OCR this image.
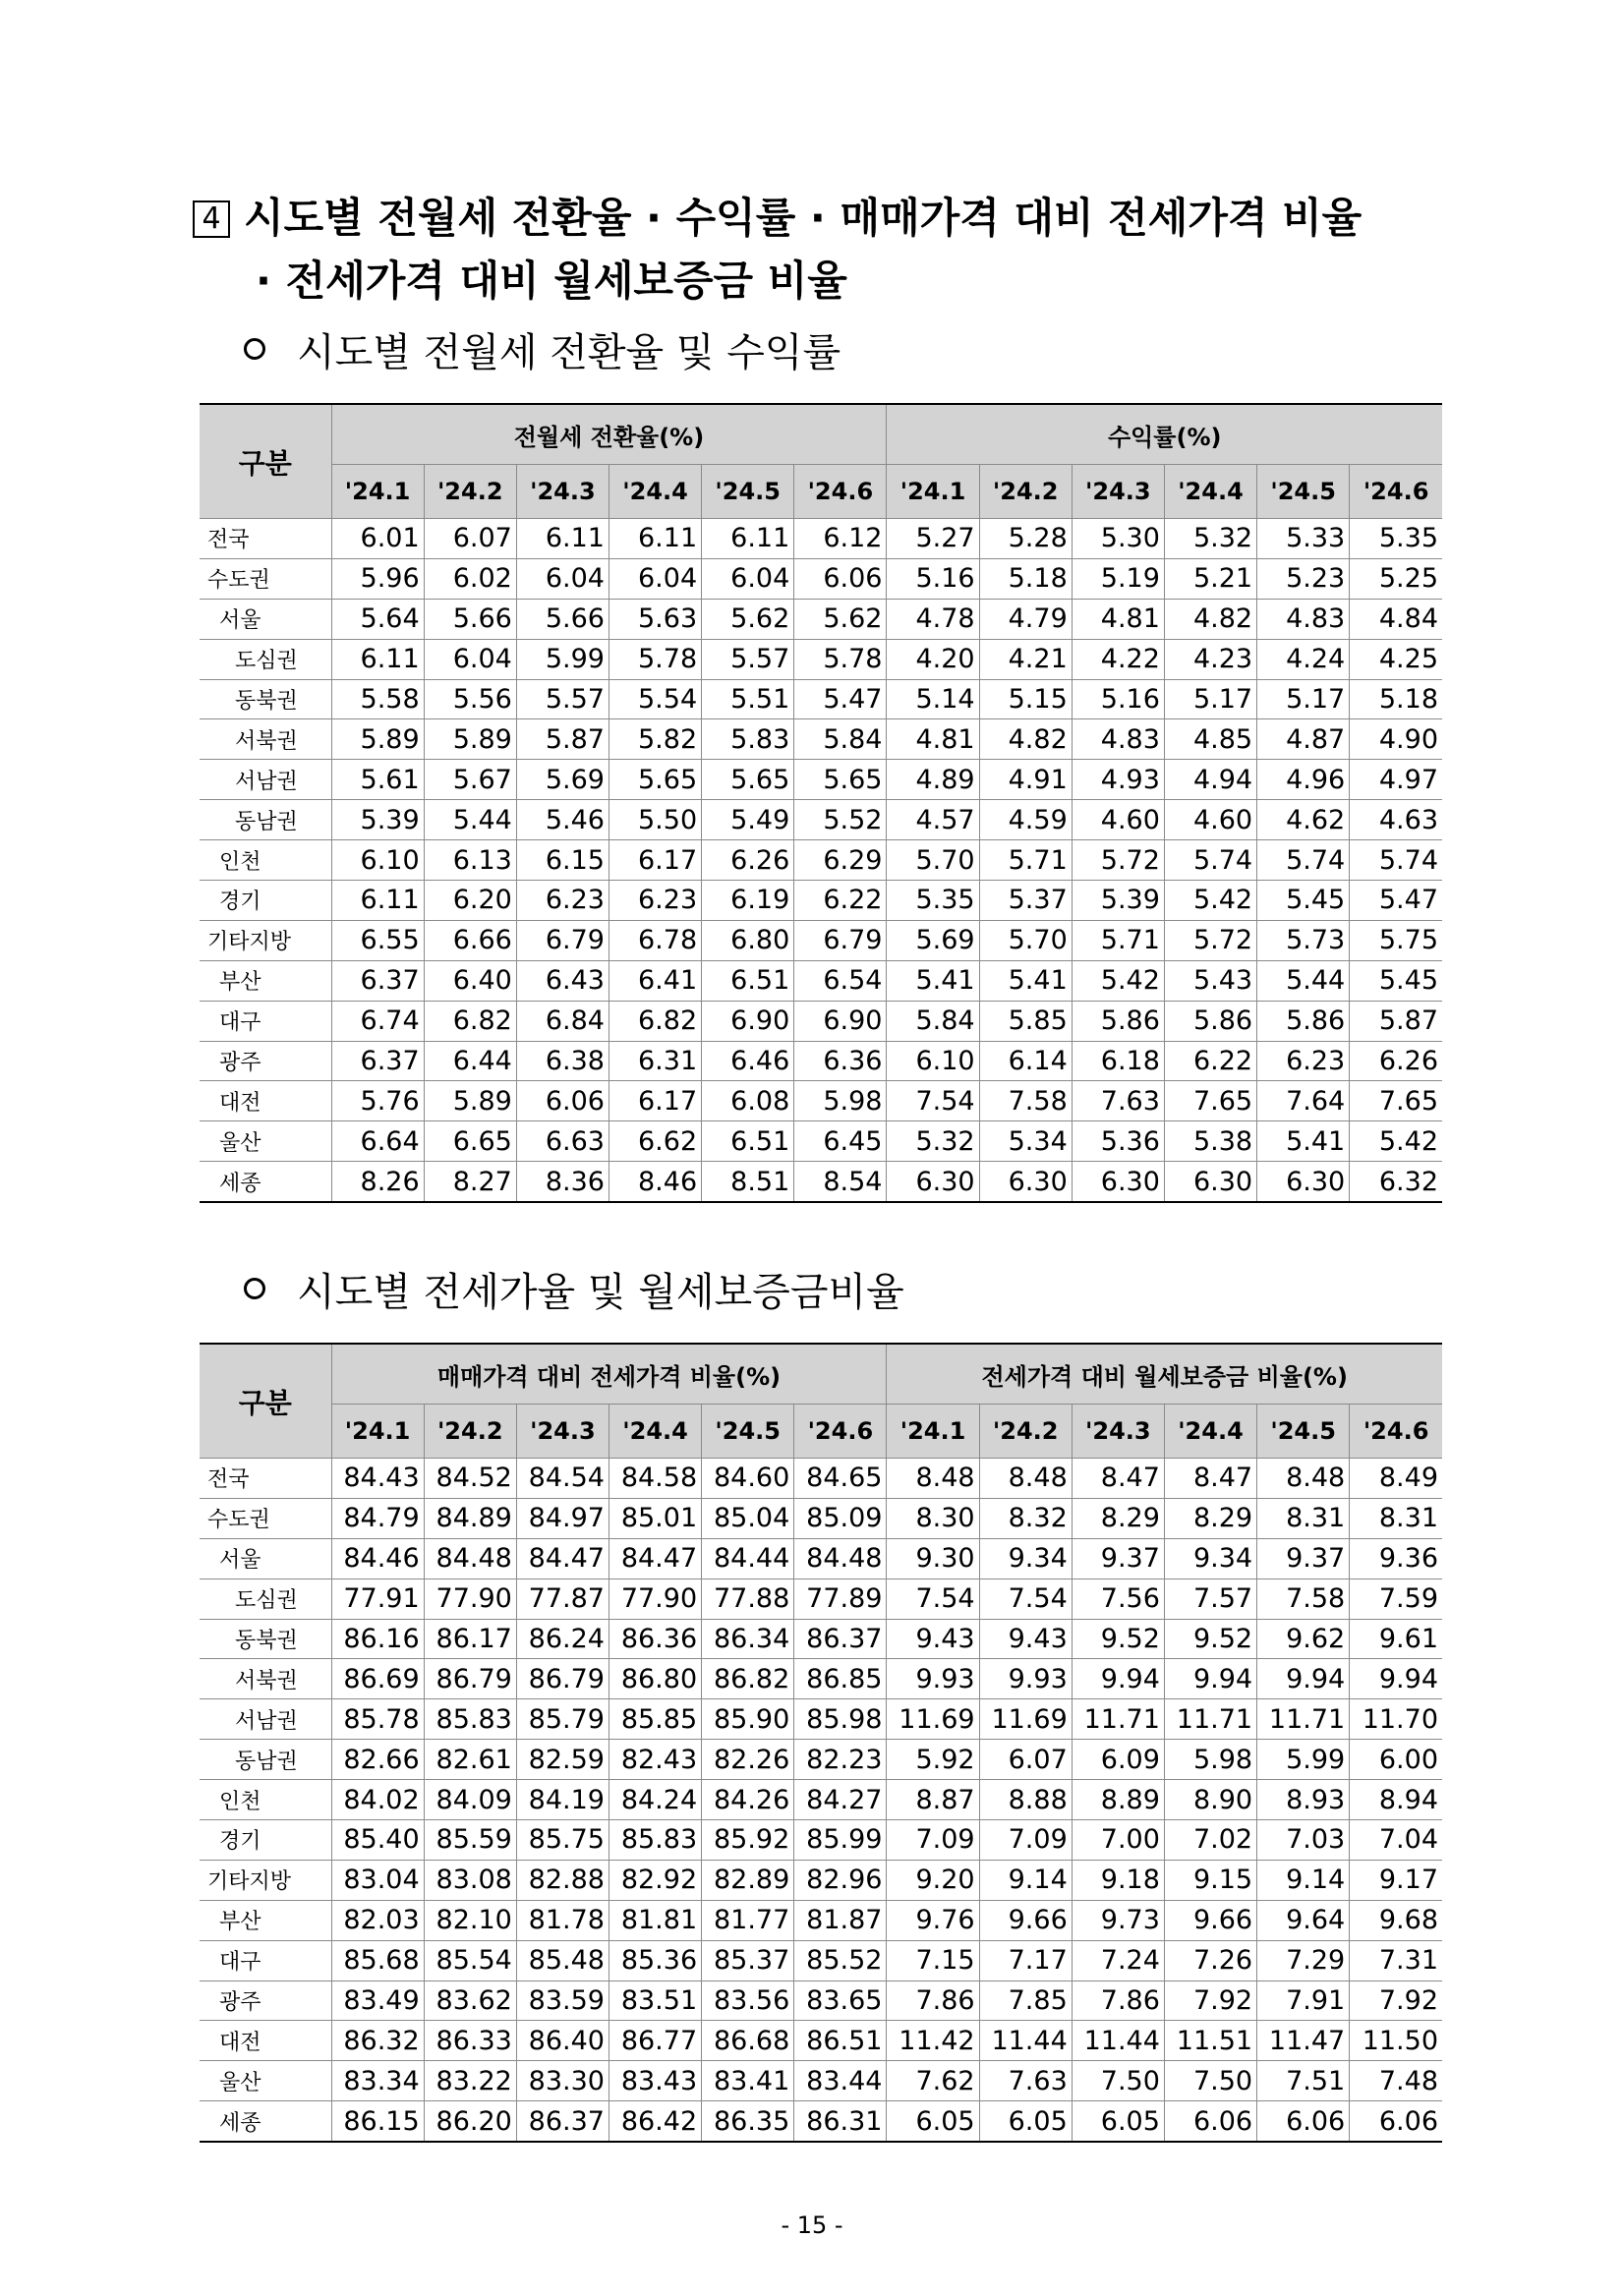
4 시도별 전월세 전환율 · 수익률 · 매매가격 대비 전세가격 비율
· 전세가격 대비 월세보증금 비율
시도별 전월세 전환율 및 수익률
구분	전월세 전환율(%)						수익률(%)					
	'24.1	'24.2	'24.3	'24.4	'24.5	'24.6	'24.1	'24.2	'24.3	'24.4	'24.5	'24.6
전국	6.01	6.07	6.11	6.11	6.11	6.12	5.27	5.28	5.30	5.32	5.33	5.35
수도권	5.96	6.02	6.04	6.04	6.04	6.06	5.16	5.18	5.19	5.21	5.23	5.25
서울	5.64	5.66	5.66	5.63	5.62	5.62	4.78	4.79	4.81	4.82	4.83	4.84
도심권	6.11	6.04	5.99	5.78	5.57	5.78	4.20	4.21	4.22	4.23	4.24	4.25
동북권	5.58	5.56	5.57	5.54	5.51	5.47	5.14	5.15	5.16	5.17	5.17	5.18
서북권	5.89	5.89	5.87	5.82	5.83	5.84	4.81	4.82	4.83	4.85	4.87	4.90
서남권	5.61	5.67	5.69	5.65	5.65	5.65	4.89	4.91	4.93	4.94	4.96	4.97
동남권	5.39	5.44	5.46	5.50	5.49	5.52	4.57	4.59	4.60	4.60	4.62	4.63
인천	6.10	6.13	6.15	6.17	6.26	6.29	5.70	5.71	5.72	5.74	5.74	5.74
경기	6.11	6.20	6.23	6.23	6.19	6.22	5.35	5.37	5.39	5.42	5.45	5.47
기타지방	6.55	6.66	6.79	6.78	6.80	6.79	5.69	5.70	5.71	5.72	5.73	5.75
부산	6.37	6.40	6.43	6.41	6.51	6.54	5.41	5.41	5.42	5.43	5.44	5.45
대구	6.74	6.82	6.84	6.82	6.90	6.90	5.84	5.85	5.86	5.86	5.86	5.87
광주	6.37	6.44	6.38	6.31	6.46	6.36	6.10	6.14	6.18	6.22	6.23	6.26
대전	5.76	5.89	6.06	6.17	6.08	5.98	7.54	7.58	7.63	7.65	7.64	7.65
울산	6.64	6.65	6.63	6.62	6.51	6.45	5.32	5.34	5.36	5.38	5.41	5.42
세종	8.26	8.27	8.36	8.46	8.51	8.54	6.30	6.30	6.30	6.30	6.30	6.32
시도별 전세가율 및 월세보증금비율
구분	매매가격 대비 전세가격 비율(%)						전세가격 대비 월세보증금 비율(%)					
	'24.1	'24.2	'24.3	'24.4	'24.5	'24.6	'24.1	'24.2	'24.3	'24.4	'24.5	'24.6
전국	84.43	84.52	84.54	84.58	84.60	84.65	8.48	8.48	8.47	8.47	8.48	8.49
수도권	84.79	84.89	84.97	85.01	85.04	85.09	8.30	8.32	8.29	8.29	8.31	8.31
서울	84.46	84.48	84.47	84.47	84.44	84.48	9.30	9.34	9.37	9.34	9.37	9.36
도심권	77.91	77.90	77.87	77.90	77.88	77.89	7.54	7.54	7.56	7.57	7.58	7.59
동북권	86.16	86.17	86.24	86.36	86.34	86.37	9.43	9.43	9.52	9.52	9.62	9.61
서북권	86.69	86.79	86.79	86.80	86.82	86.85	9.93	9.93	9.94	9.94	9.94	9.94
서남권	85.78	85.83	85.79	85.85	85.90	85.98	11.69	11.69	11.71	11.71	11.71	11.70
동남권	82.66	82.61	82.59	82.43	82.26	82.23	5.92	6.07	6.09	5.98	5.99	6.00
인천	84.02	84.09	84.19	84.24	84.26	84.27	8.87	8.88	8.89	8.90	8.93	8.94
경기	85.40	85.59	85.75	85.83	85.92	85.99	7.09	7.09	7.00	7.02	7.03	7.04
기타지방	83.04	83.08	82.88	82.92	82.89	82.96	9.20	9.14	9.18	9.15	9.14	9.17
부산	82.03	82.10	81.78	81.81	81.77	81.87	9.76	9.66	9.73	9.66	9.64	9.68
대구	85.68	85.54	85.48	85.36	85.37	85.52	7.15	7.17	7.24	7.26	7.29	7.31
광주	83.49	83.62	83.59	83.51	83.56	83.65	7.86	7.85	7.86	7.92	7.91	7.92
대전	86.32	86.33	86.40	86.77	86.68	86.51	11.42	11.44	11.44	11.51	11.47	11.50
울산	83.34	83.22	83.30	83.43	83.41	83.44	7.62	7.63	7.50	7.50	7.51	7.48
세종	86.15	86.20	86.37	86.42	86.35	86.31	6.05	6.05	6.05	6.06	6.06	6.06
- 15 -
